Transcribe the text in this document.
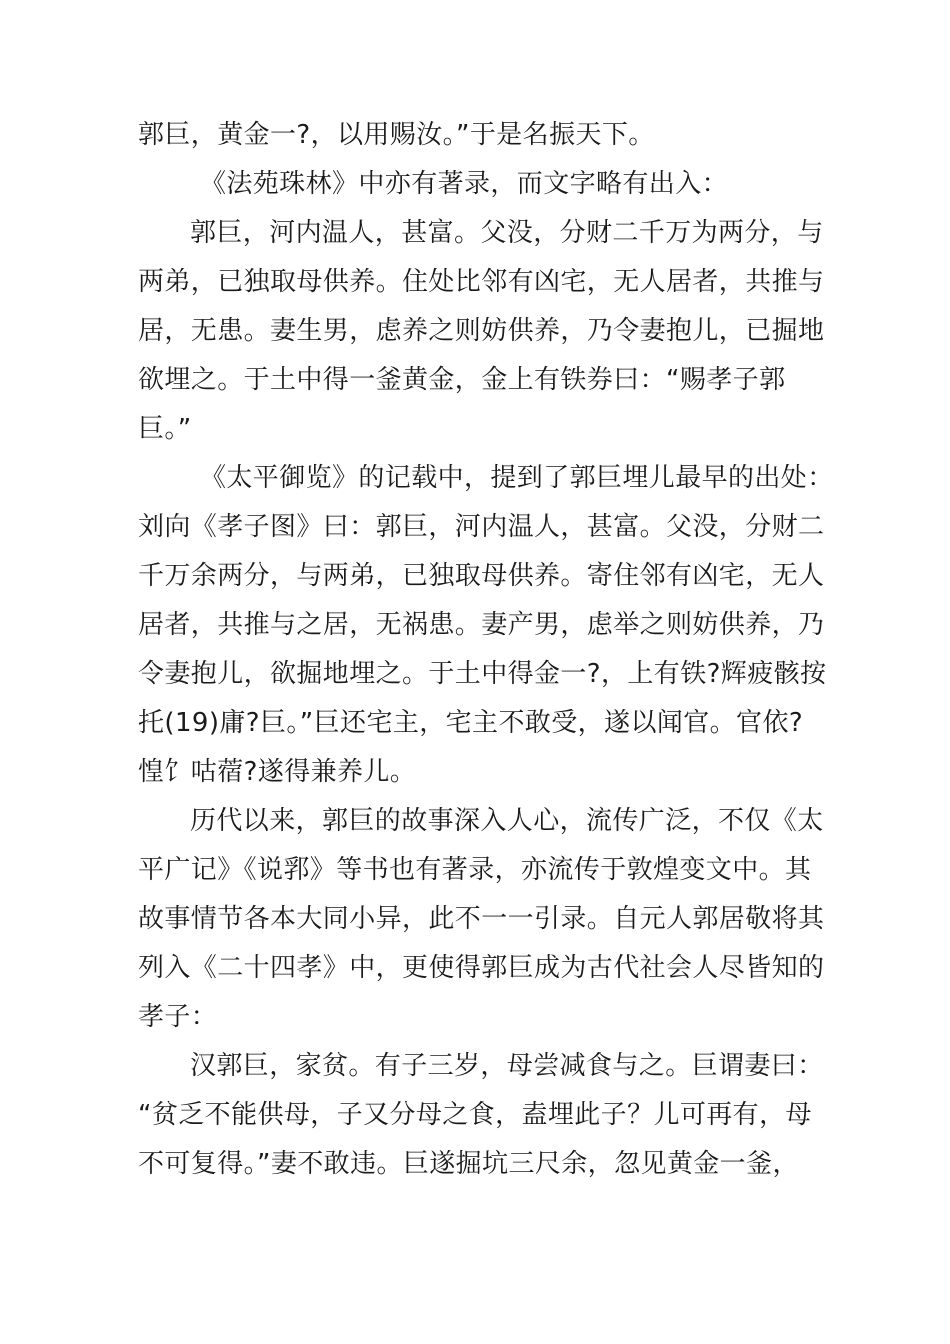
郭巨，黄金一?，以用赐汝。”于是名振天下。

《法苑珠林》中亦有著录，而文字略有出入：

郭巨，河内温人，甚富。父没，分财二千万为两分，与
两弟，已独取母供养。住处比邻有凶宅，无人居者，共推与
居，无患。妻生男，虑养之则妨供养，乃令妻抱儿，已掘地
欲埋之。于土中得一釜黄金，金上有铁券曰：“赐孝子郭
巨。”

《太平御览》的记载中，提到了郭巨埋儿最早的出处：
刘向《孝子图》曰：郭巨，河内温人，甚富。父没，分财二
千万余两分，与两弟，已独取母供养。寄住邻有凶宅，无人
居者，共推与之居，无祸患。妻产男，虑举之则妨供养，乃
令妻抱儿，欲掘地埋之。于土中得金一?，上有铁?辉疲骸按
托(19)庸?巨。”巨还宅主，宅主不敢受，遂以闻官。官依?
惶饣咕蓿?遂得兼养儿。

历代以来，郭巨的故事深入人心，流传广泛，不仅《太
平广记》《说郛》等书也有著录，亦流传于敦煌变文中。其
故事情节各本大同小异，此不一一引录。自元人郭居敬将其
列入《二十四孝》中，更使得郭巨成为古代社会人尽皆知的
孝子：

汉郭巨，家贫。有子三岁，母尝减食与之。巨谓妻曰：
“贫乏不能供母，子又分母之食，盍埋此子？儿可再有，母
不可复得。”妻不敢违。巨遂掘坑三尺余，忽见黄金一釜，
